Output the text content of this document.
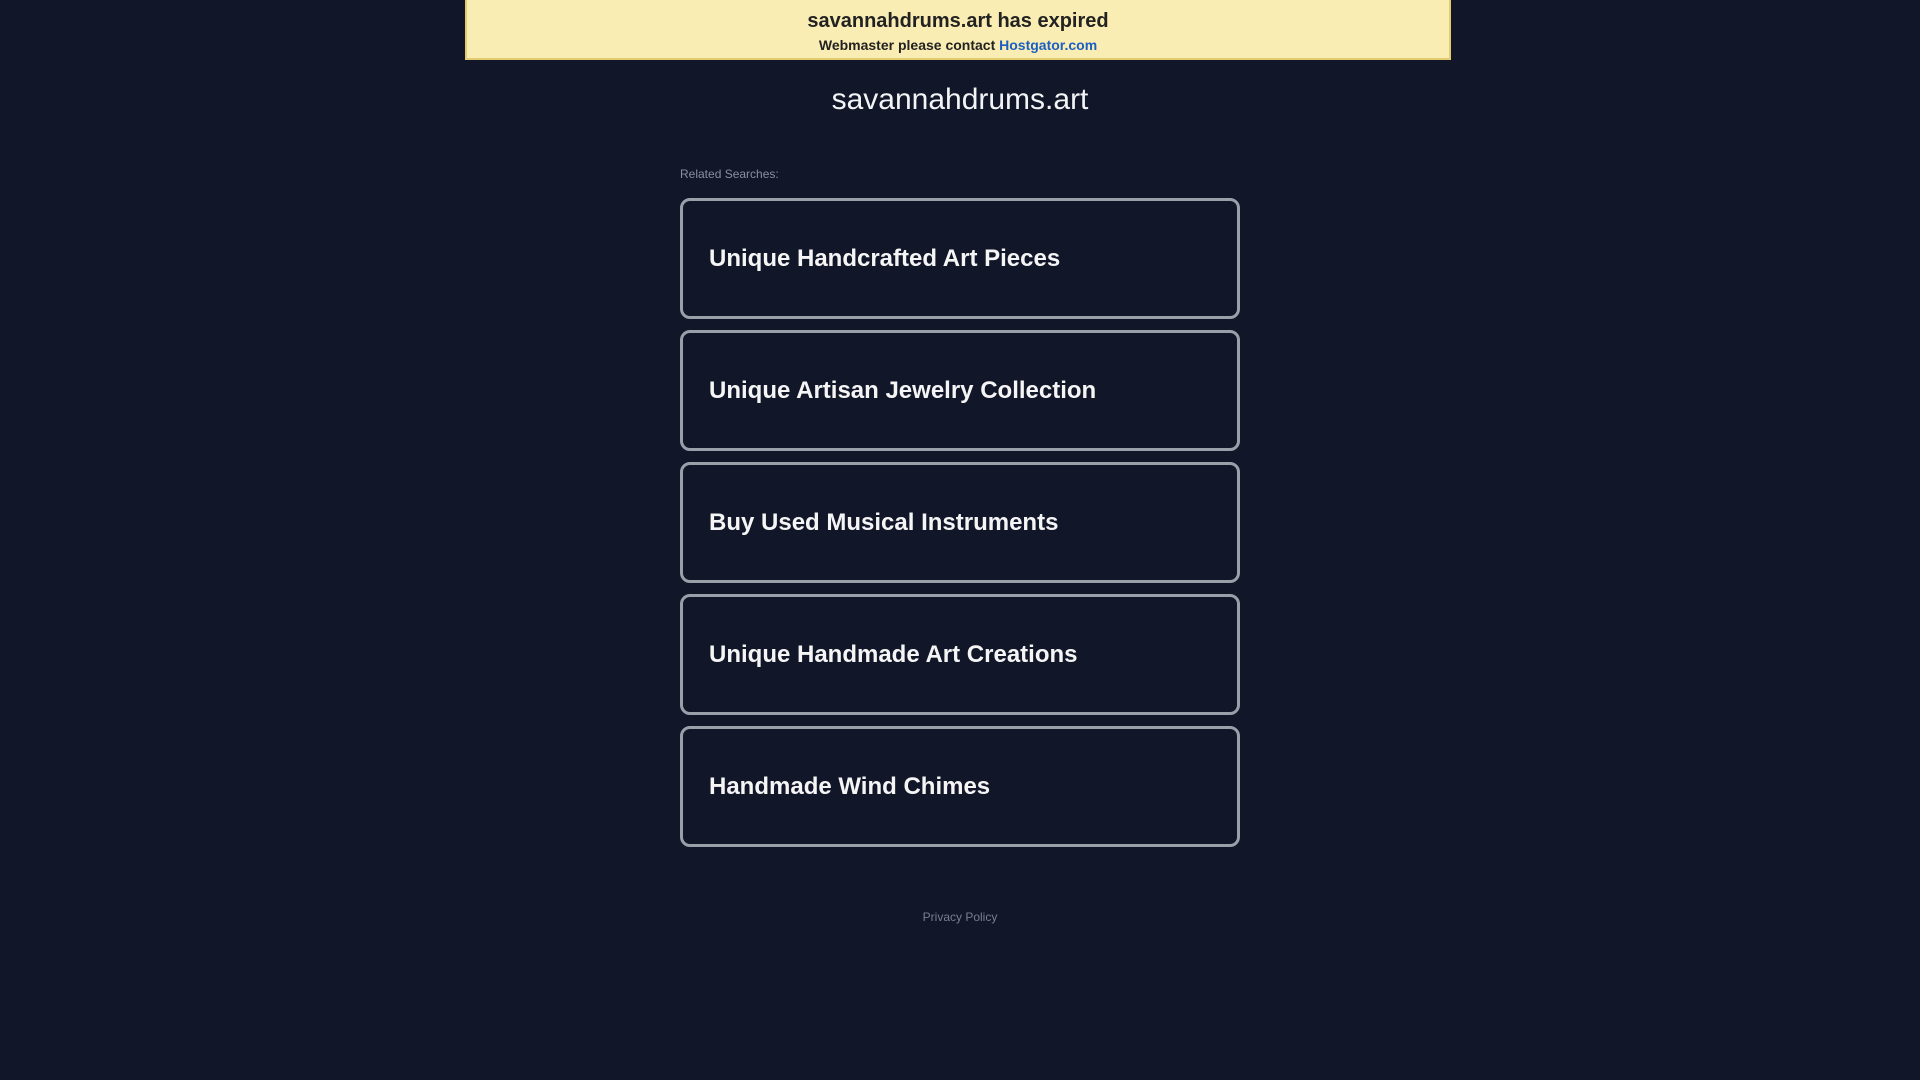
savannahdrums.art has expired
Webmaster please contact Hostgator.com
savannahdrums.art
Related Searches:
Unique Handcrafted Art Pieces
Unique Artisan Jewelry Collection
Buy Used Musical Instruments
Unique Handmade Art Creations
Handmade Wind Chimes
Privacy Policy
